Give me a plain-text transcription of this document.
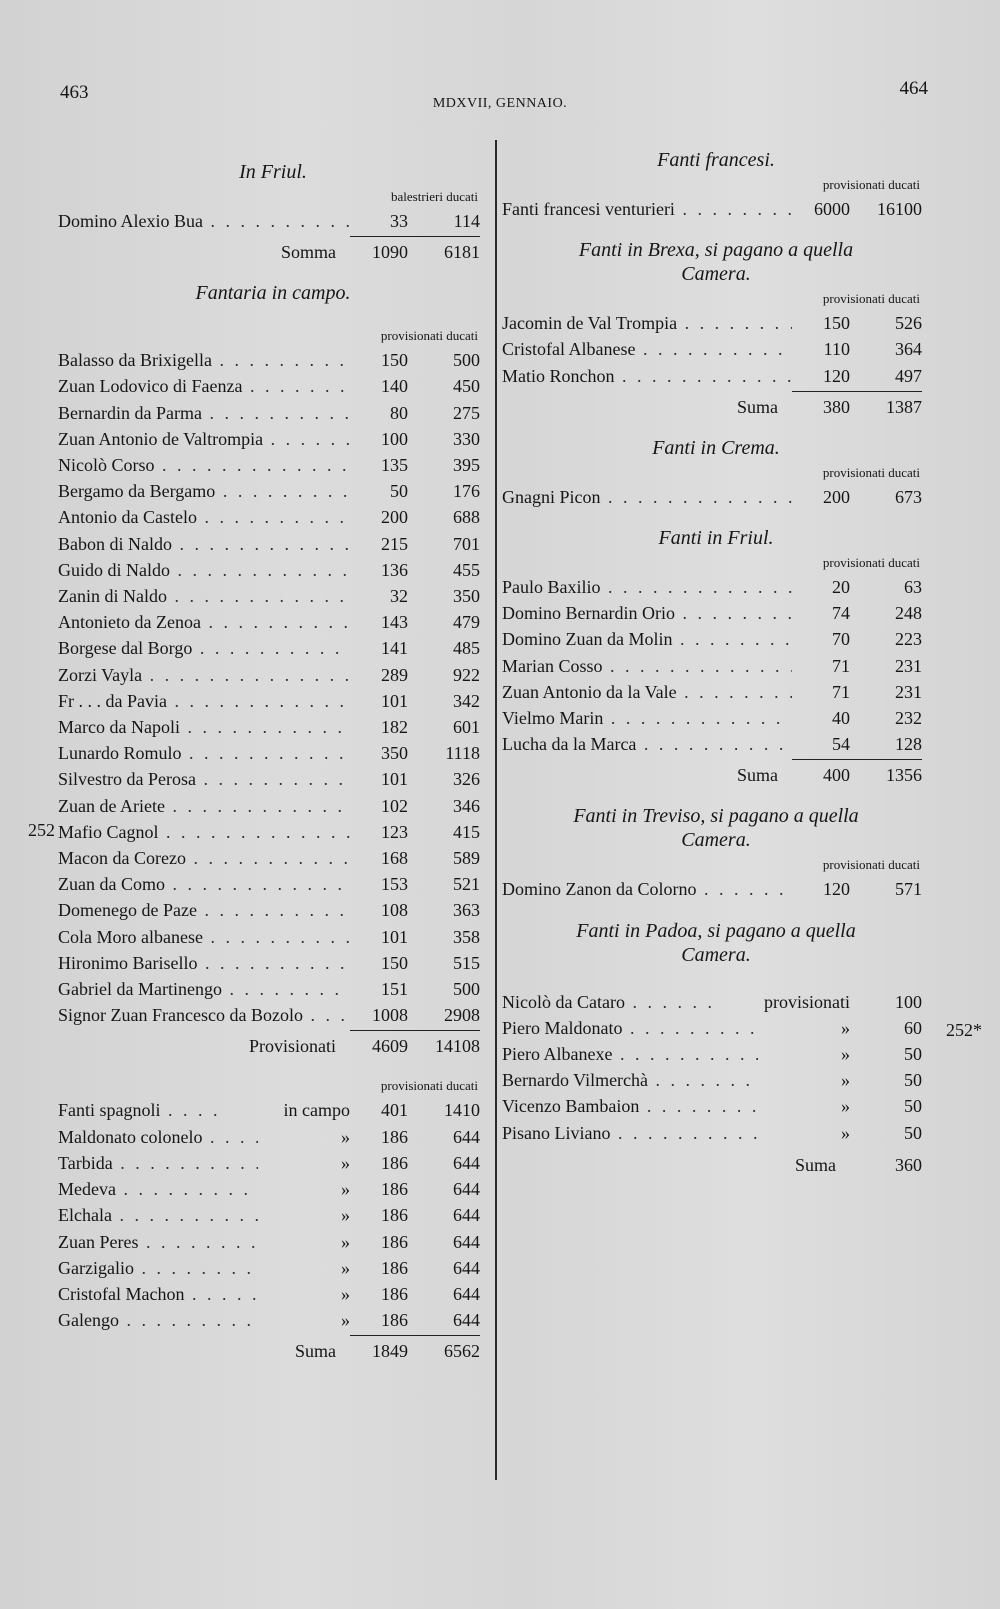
463
MDXVII, GENNAIO.
464
252
252*
In Friul.
balestrieri ducati
Domino Alexio Bua . . .	33	114
Somma	1090	6181
Fantaria in campo.
provisionati ducati
Balasso da Brixigella . . .	150	500
Zuan Lodovico di Faenza . . .	140	450
Bernardin da Parma . . .	80	275
Zuan Antonio de Valtrompia . . .	100	330
Nicolò Corso . . .	135	395
Bergamo da Bergamo . . .	50	176
Antonio da Castelo . . .	200	688
Babon di Naldo . . .	215	701
Guido di Naldo . . .	136	455
Zanin di Naldo . . .	32	350
Antonieto da Zenoa . . .	143	479
Borgese dal Borgo . . .	141	485
Zorzi Vayla . . .	289	922
Fr . . . da Pavia . . .	101	342
Marco da Napoli . . .	182	601
Lunardo Romulo . . .	350	1118
Silvestro da Perosa . . .	101	326
Zuan de Ariete . . .	102	346
Mafio Cagnol . . .	123	415
Macon da Corezo . . .	168	589
Zuan da Como . . .	153	521
Domenego de Paze . . .	108	363
Cola Moro albanese . . .	101	358
Hironimo Barisello . . .	150	515
Gabriel da Martinengo . . .	151	500
Signor Zuan Francesco da Bozolo . . .	1008	2908
Provisionati	4609	14108
provisionati ducati
Fanti spagnoli . . .	in campo	401	1410
Maldonato colonelo . . .	»	186	644
Tarbida . . .	»	186	644
Medeva . . .	»	186	644
Elchala . . .	»	186	644
Zuan Peres . . .	»	186	644
Garzigalio . . .	»	186	644
Cristofal Machon . . .	»	186	644
Galengo . . .	»	186	644
Suma	1849	6562
Fanti francesi.
provisionati ducati
Fanti francesi venturieri . . .	6000	16100
Fanti in Brexa, si pagano a quella Camera.
provisionati ducati
Jacomin de Val Trompia . . .	150	526
Cristofal Albanese . . .	110	364
Matio Ronchon . . .	120	497
Suma	380	1387
Fanti in Crema.
provisionati ducati
Gnagni Picon . . .	200	673
Fanti in Friul.
provisionati ducati
Paulo Baxilio . . .	20	63
Domino Bernardin Orio . . .	74	248
Domino Zuan da Molin . . .	70	223
Marian Cosso . . .	71	231
Zuan Antonio da la Vale . . .	71	231
Vielmo Marin . . .	40	232
Lucha da la Marca . . .	54	128
Suma	400	1356
Fanti in Treviso, si pagano a quella Camera.
provisionati ducati
Domino Zanon da Colorno . . .	120	571
Fanti in Padoa, si pagano a quella Camera.
Nicolò da Cataro . . .	provisionati	100
Piero Maldonato . . .	»	60
Piero Albanexe . . .	»	50
Bernardo Vilmerchà . . .	»	50
Vicenzo Bambaion . . .	»	50
Pisano Liviano . . .	»	50
Suma	360
